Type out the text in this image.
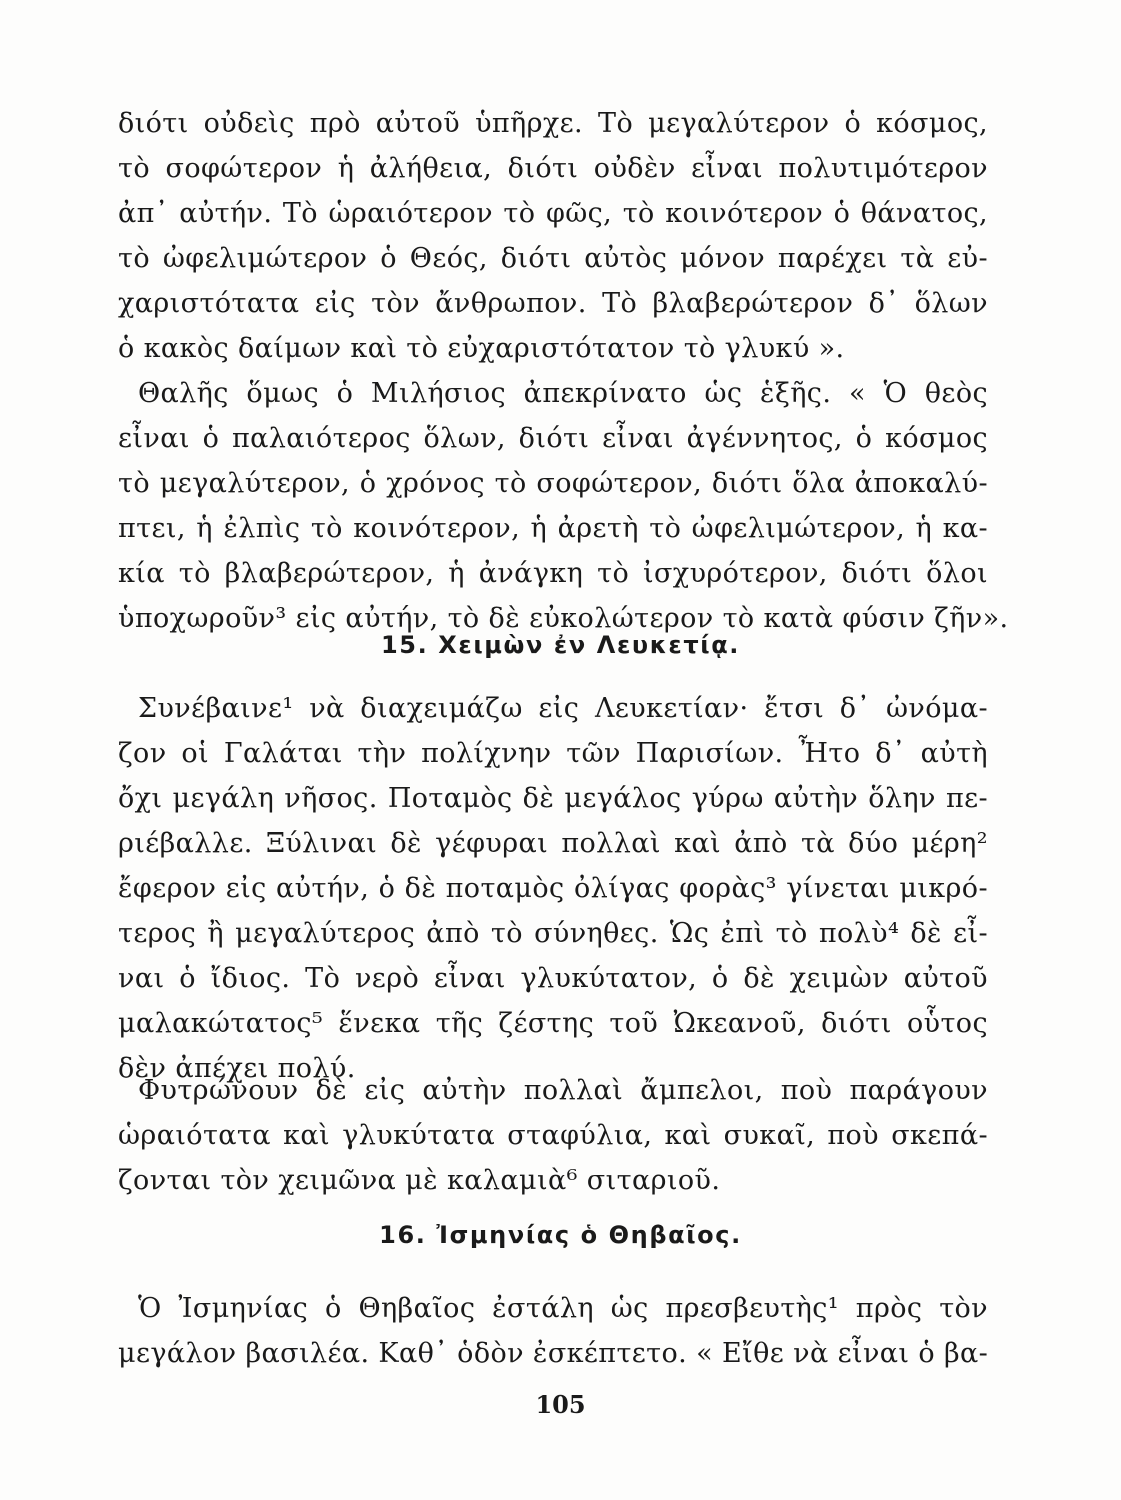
διότι οὐδεὶς πρὸ αὐτοῦ ὑπῆρχε. Τὸ μεγαλύτερον ὁ κόσμος,
τὸ σοφώτερον ἡ ἀλήθεια, διότι οὐδὲν εἶναι πολυτιμότερον
ἀπ᾽ αὐτήν. Τὸ ὡραιότερον τὸ φῶς, τὸ κοινότερον ὁ θάνατος,
τὸ ὠφελιμώτερον ὁ Θεός, διότι αὐτὸς μόνον παρέχει τὰ εὐ-
χαριστότατα εἰς τὸν ἄνθρωπον. Τὸ βλαβερώτερον δ᾽ ὅλων
ὁ κακὸς δαίμων καὶ τὸ εὐχαριστότατον τὸ γλυκύ ».
Θαλῆς ὅμως ὁ Μιλήσιος ἀπεκρίνατο ὡς ἑξῆς. « Ὁ θεὸς
εἶναι ὁ παλαιότερος ὅλων, διότι εἶναι ἀγέννητος, ὁ κόσμος
τὸ μεγαλύτερον, ὁ χρόνος τὸ σοφώτερον, διότι ὅλα ἀποκαλύ-
πτει, ἡ ἐλπὶς τὸ κοινότερον, ἡ ἀρετὴ τὸ ὠφελιμώτερον, ἡ κα-
κία τὸ βλαβερώτερον, ἡ ἀνάγκη τὸ ἰσχυρότερον, διότι ὅλοι
ὑποχωροῦν³ εἰς αὐτήν, τὸ δὲ εὐκολώτερον τὸ κατὰ φύσιν ζῆν».
15. Χειμὼν ἐν Λευκετίᾳ.
Συνέβαινε¹ νὰ διαχειμάζω εἰς Λευκετίαν· ἔτσι δ᾽ ὠνόμα-
ζον οἱ Γαλάται τὴν πολίχνην τῶν Παρισίων. Ἦτο δ᾽ αὐτὴ
ὄχι μεγάλη νῆσος. Ποταμὸς δὲ μεγάλος γύρω αὐτὴν ὅλην πε-
ριέβαλλε. Ξύλιναι δὲ γέφυραι πολλαὶ καὶ ἀπὸ τὰ δύο μέρη²
ἔφερον εἰς αὐτήν, ὁ δὲ ποταμὸς ὀλίγας φορὰς³ γίνεται μικρό-
τερος ἢ μεγαλύτερος ἀπὸ τὸ σύνηθες. Ὡς ἐπὶ τὸ πολὺ⁴ δὲ εἶ-
ναι ὁ ἴδιος. Τὸ νερὸ εἶναι γλυκύτατον, ὁ δὲ χειμὼν αὐτοῦ
μαλακώτατος⁵ ἕνεκα τῆς ζέστης τοῦ Ὠκεανοῦ, διότι οὗτος
δὲν ἀπέχει πολύ.
Φυτρώνουν δὲ εἰς αὐτὴν πολλαὶ ἄμπελοι, ποὺ παράγουν
ὡραιότατα καὶ γλυκύτατα σταφύλια, καὶ συκαῖ, ποὺ σκεπά-
ζονται τὸν χειμῶνα μὲ καλαμιὰ⁶ σιταριοῦ.
16. Ἰσμηνίας ὁ Θηβαῖος.
Ὁ Ἰσμηνίας ὁ Θηβαῖος ἐστάλη ὡς πρεσβευτὴς¹ πρὸς τὸν
μεγάλον βασιλέα. Καθ᾽ ὁδὸν ἐσκέπτετο. « Εἴθε νὰ εἶναι ὁ βα-
105
